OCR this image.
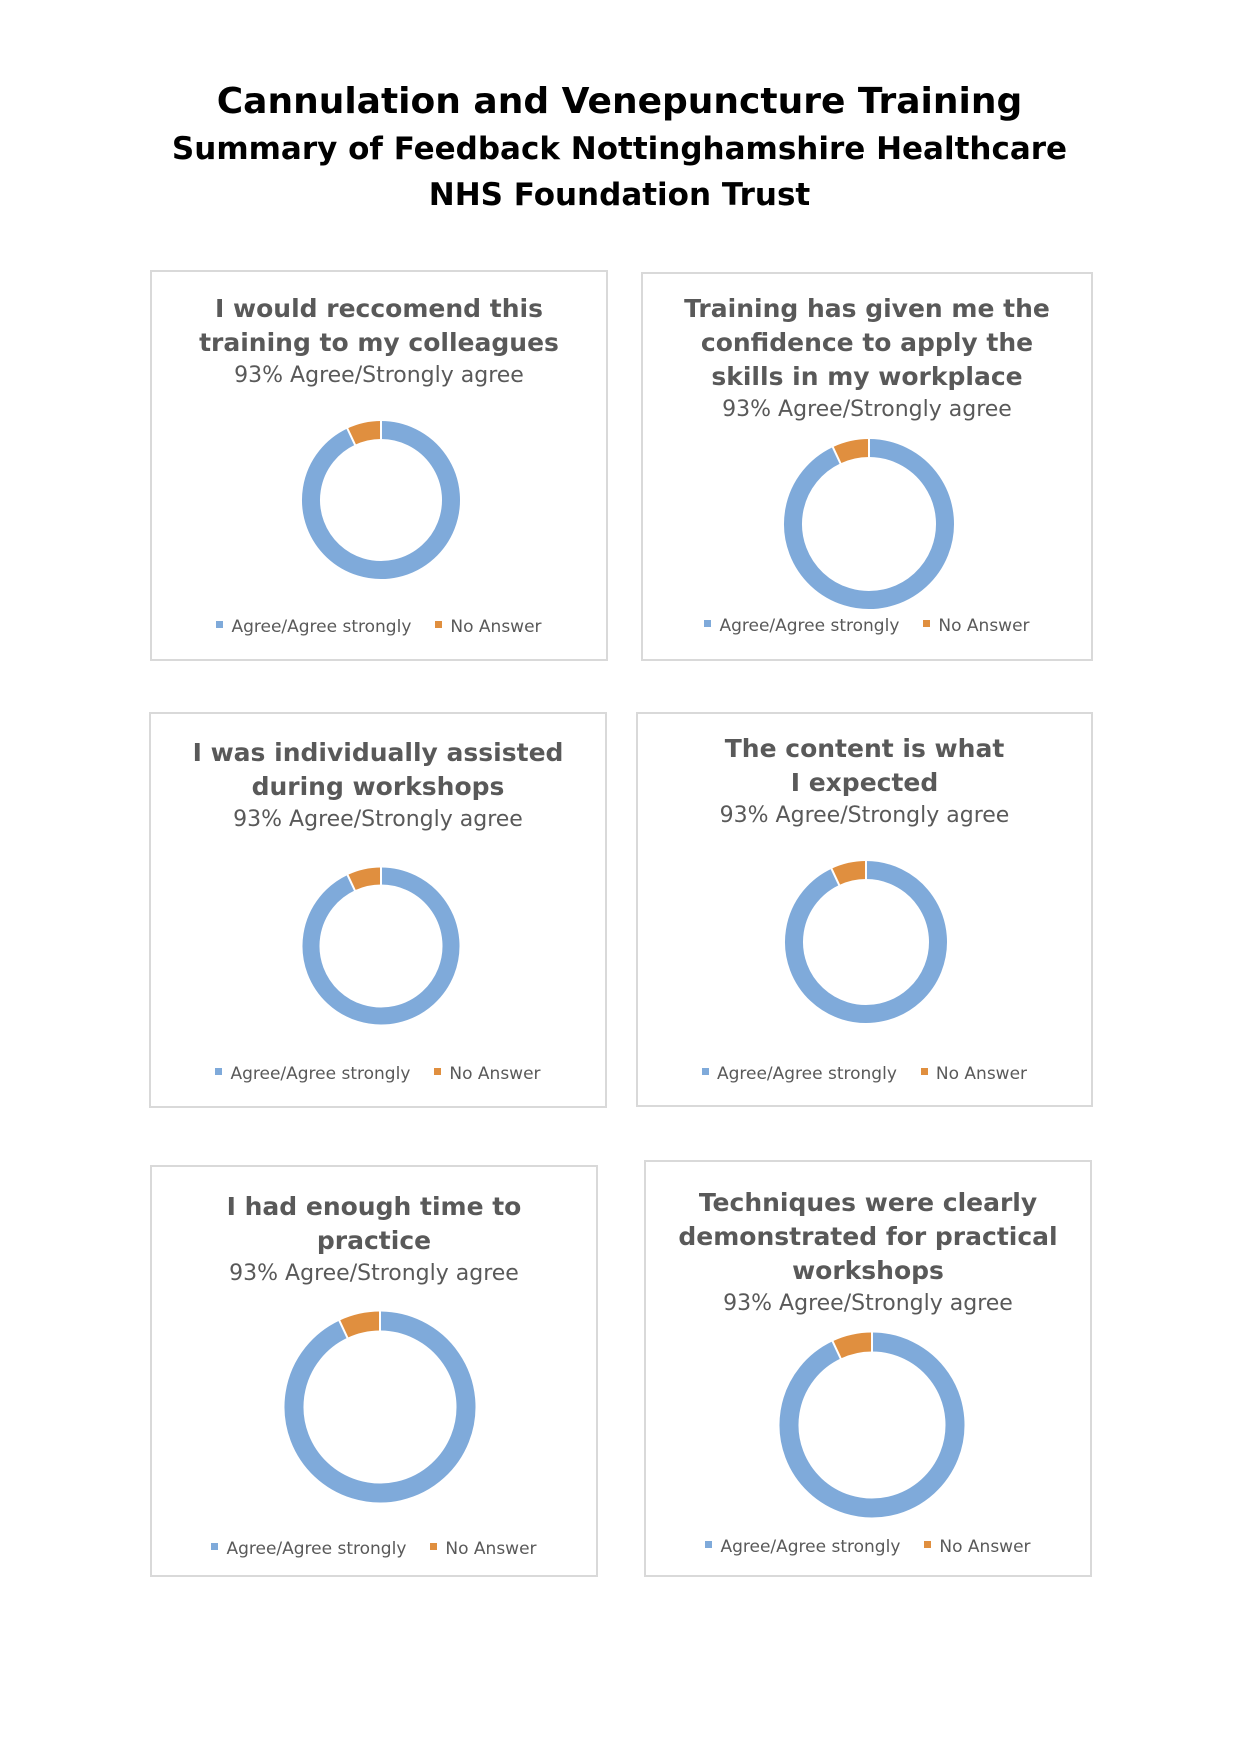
Cannulation and Venepuncture Training
Summary of Feedback Nottinghamshire Healthcare
NHS Foundation Trust
I would reccomend this
training to my colleagues
93% Agree/Strongly agree
Agree/Agree strongly No Answer
Training has given me the
confidence to apply the
skills in my workplace
93% Agree/Strongly agree
Agree/Agree strongly No Answer
I was individually assisted
during workshops
93% Agree/Strongly agree
Agree/Agree strongly No Answer
The content is what
I expected
93% Agree/Strongly agree
Agree/Agree strongly No Answer
I had enough time to
practice
93% Agree/Strongly agree
Agree/Agree strongly No Answer
Techniques were clearly
demonstrated for practical
workshops
93% Agree/Strongly agree
Agree/Agree strongly No Answer
